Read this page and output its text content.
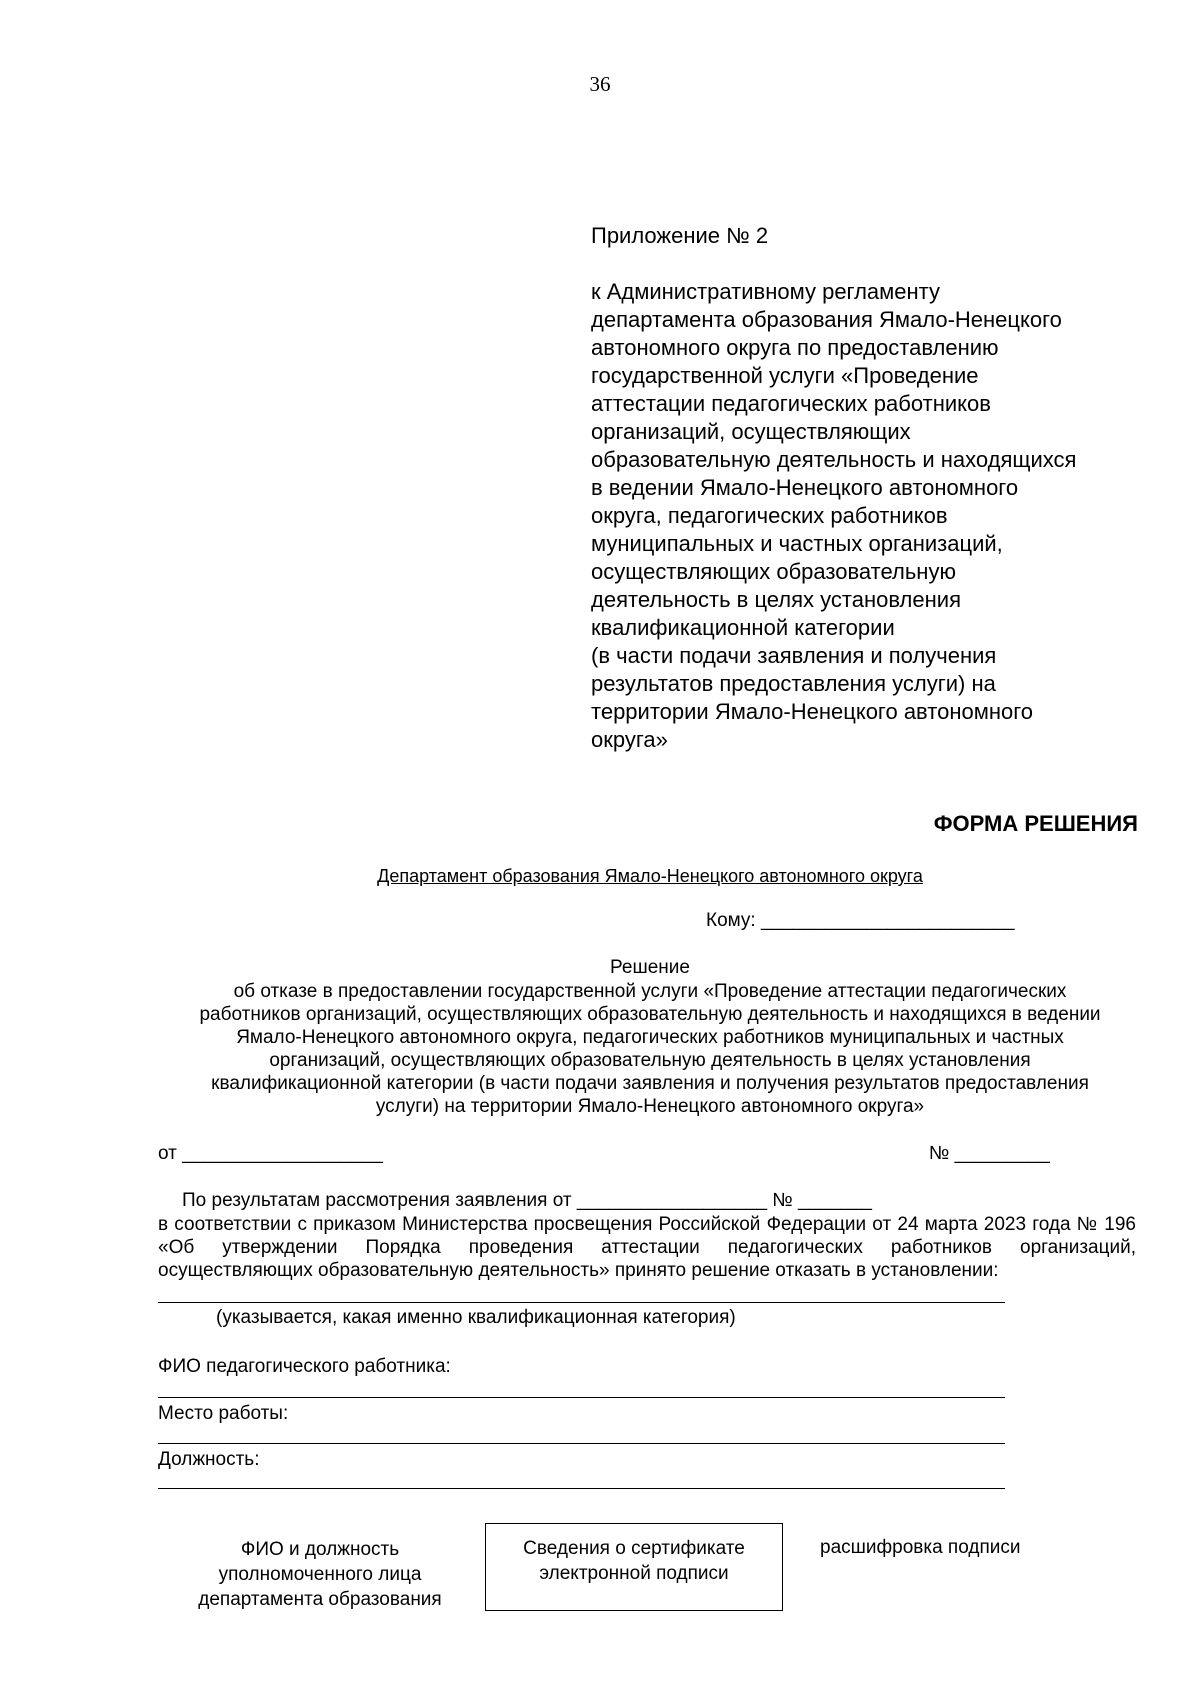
36
Приложение № 2
к Административному регламенту
департамента образования Ямало-Ненецкого
автономного округа по предоставлению
государственной услуги «Проведение
аттестации педагогических работников
организаций, осуществляющих
образовательную деятельность и находящихся
в ведении Ямало-Ненецкого автономного
округа, педагогических работников
муниципальных и частных организаций,
осуществляющих образовательную
деятельность в целях установления
квалификационной категории
(в части подачи заявления и получения
результатов предоставления услуги) на
территории Ямало-Ненецкого автономного
округа»
ФОРМА РЕШЕНИЯ
Департамент образования Ямало-Ненецкого автономного округа
Кому: ________________________
Решение
об отказе в предоставлении государственной услуги «Проведение аттестации педагогических
работников организаций, осуществляющих образовательную деятельность и находящихся в ведении
Ямало-Ненецкого автономного округа, педагогических работников муниципальных и частных
организаций, осуществляющих образовательную деятельность в целях установления
квалификационной категории (в части подачи заявления и получения результатов предоставления
услуги) на территории Ямало-Ненецкого автономного округа»
от ___________________	№ _________
По результатам рассмотрения заявления от __________________ № _______
в соответствии с приказом Министерства просвещения Российской Федерации от 24 марта 2023 года № 196 «Об утверждении Порядка проведения аттестации педагогических работников организаций, осуществляющих образовательную деятельность» принято решение отказать в установлении:
(указывается, какая именно квалификационная категория)
ФИО педагогического работника:
Место работы:
Должность:
ФИО и должность
уполномоченного лица
департамента образования
Сведения о сертификате
электронной подписи
расшифровка подписи
